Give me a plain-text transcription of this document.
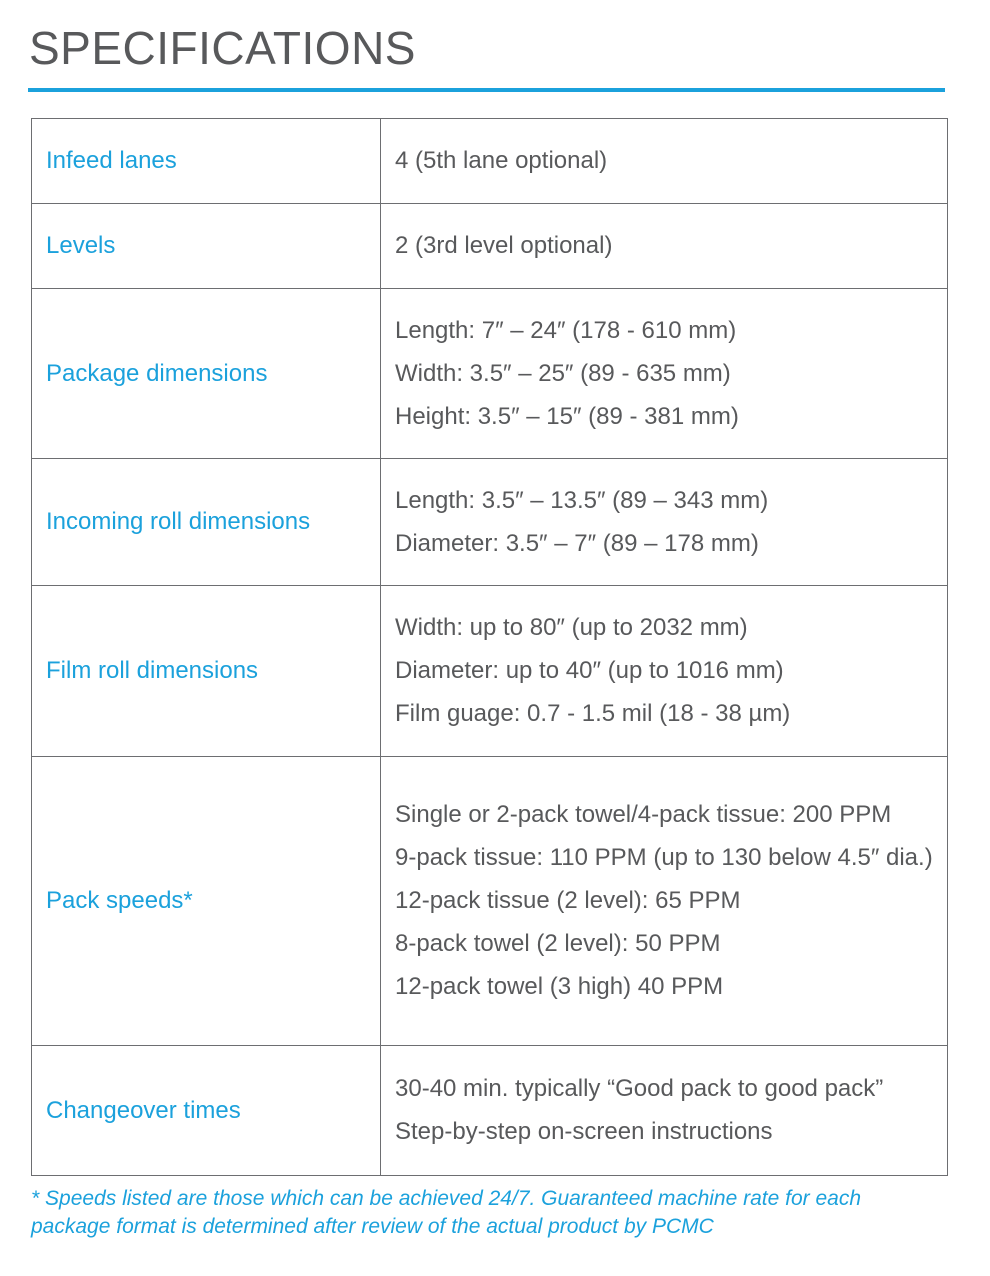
SPECIFICATIONS
Infeed lanes	4 (5th lane optional)

Levels	2 (3rd level optional)

Package dimensions	Length: 7″ – 24″ (178 - 610 mm)
Width: 3.5″ – 25″ (89 - 635 mm)
Height: 3.5″ – 15″ (89 - 381 mm)

Incoming roll dimensions	Length: 3.5″ – 13.5″ (89 – 343 mm)
Diameter: 3.5″ – 7″ (89 – 178 mm)

Film roll dimensions	Width: up to 80″ (up to 2032 mm)
Diameter: up to 40″ (up to 1016 mm)
Film guage: 0.7 - 1.5 mil (18 - 38 µm)

Pack speeds*	Single or 2-pack towel/4-pack tissue: 200 PPM
9-pack tissue: 110 PPM (up to 130 below 4.5″ dia.)
12-pack tissue (2 level): 65 PPM
8-pack towel (2 level): 50 PPM
12-pack towel (3 high) 40 PPM

Changeover times	30-40 min. typically “Good pack to good pack”
Step-by-step on-screen instructions

* Speeds listed are those which can be achieved 24/7. Guaranteed machine rate for each package format is determined after review of the actual product by PCMC
